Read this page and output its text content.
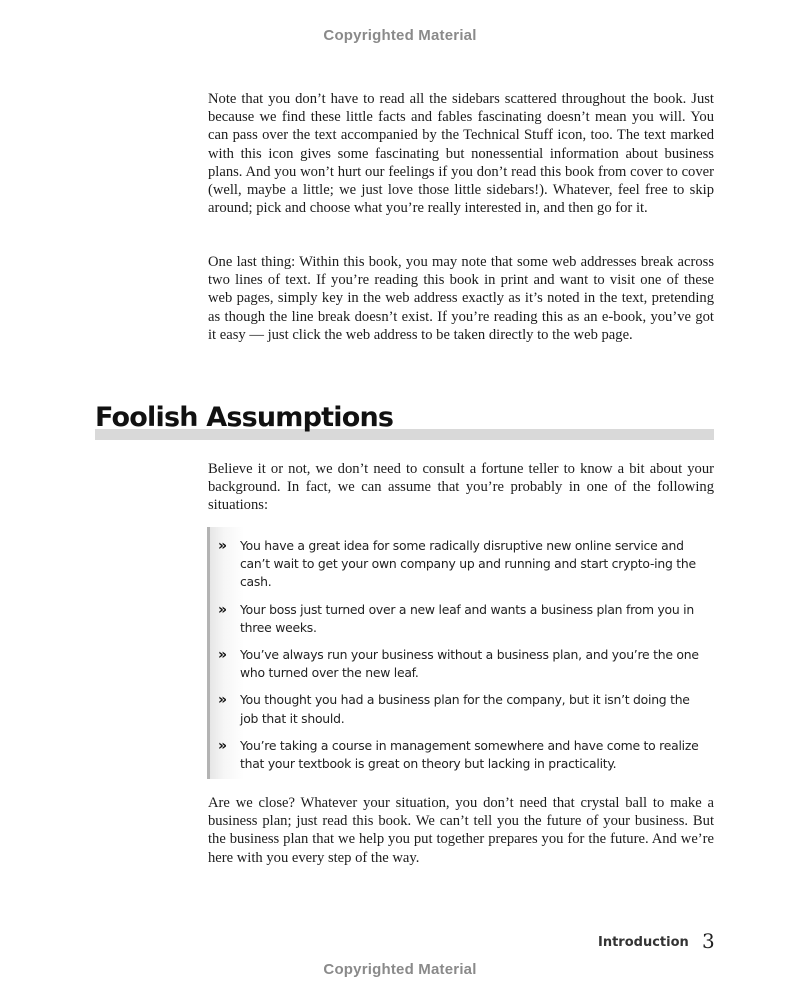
Copyrighted Material

Note that you don’t have to read all the sidebars scattered throughout the book. Just because we find these little facts and fables fascinating doesn’t mean you will. You can pass over the text accompanied by the Technical Stuff icon, too. The text marked with this icon gives some fascinating but nonessential information about business plans. And you won’t hurt our feelings if you don’t read this book from cover to cover (well, maybe a little; we just love those little sidebars!). Whatever, feel free to skip around; pick and choose what you’re really interested in, and then go for it.

One last thing: Within this book, you may note that some web addresses break across two lines of text. If you’re reading this book in print and want to visit one of these web pages, simply key in the web address exactly as it’s noted in the text, pretending as though the line break doesn’t exist. If you’re reading this as an e-book, you’ve got it easy — just click the web address to be taken directly to the web page.

Foolish Assumptions

Believe it or not, we don’t need to consult a fortune teller to know a bit about your background. In fact, we can assume that you’re probably in one of the following situations:

» You have a great idea for some radically disruptive new online service and can’t wait to get your own company up and running and start crypto-ing the cash.
» Your boss just turned over a new leaf and wants a business plan from you in three weeks.
» You’ve always run your business without a business plan, and you’re the one who turned over the new leaf.
» You thought you had a business plan for the company, but it isn’t doing the job that it should.
» You’re taking a course in management somewhere and have come to realize that your textbook is great on theory but lacking in practicality.

Are we close? Whatever your situation, you don’t need that crystal ball to make a business plan; just read this book. We can’t tell you the future of your business. But the business plan that we help you put together prepares you for the future. And we’re here with you every step of the way.

Introduction 3
Copyrighted Material
